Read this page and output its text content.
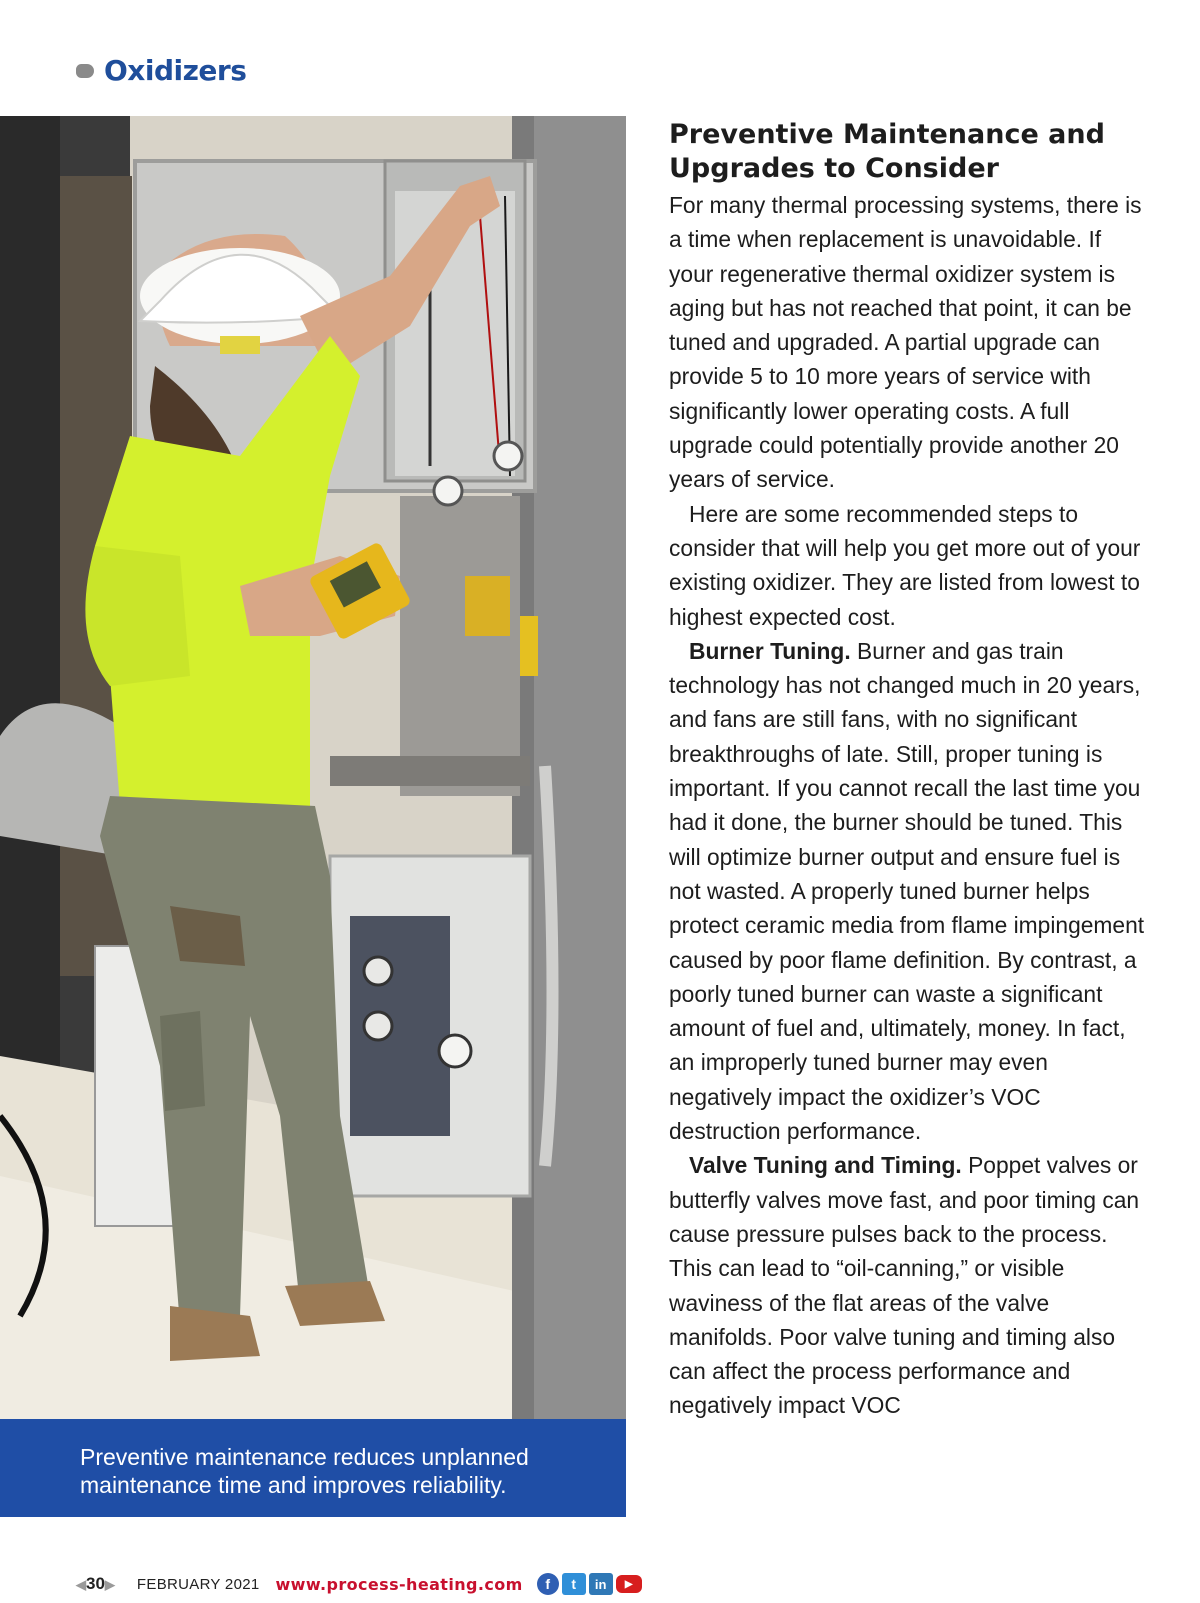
Oxidizers
Preventive maintenance reduces unplanned
maintenance time and improves reliability.
Preventive Maintenance and
Upgrades to Consider

For many thermal processing systems, there is a time when replacement is unavoidable. If your regenerative thermal oxidizer system is aging but has not reached that point, it can be tuned and upgraded. A partial upgrade can provide 5 to 10 more years of service with significantly lower operating costs. A full upgrade could potentially provide another 20 years of service.

Here are some recommended steps to consider that will help you get more out of your existing oxidizer. They are listed from lowest to highest expected cost.

Burner Tuning. Burner and gas train technology has not changed much in 20 years, and fans are still fans, with no significant breakthroughs of late. Still, proper tuning is important. If you cannot recall the last time you had it done, the burner should be tuned. This will optimize burner output and ensure fuel is not wasted. A properly tuned burner helps protect ceramic media from flame impingement caused by poor flame definition. By contrast, a poorly tuned burner can waste a significant amount of fuel and, ultimately, money. In fact, an improperly tuned burner may even negatively impact the oxidizer’s VOC destruction performance.

Valve Tuning and Timing. Poppet valves or butterfly valves move fast, and poor timing can cause pressure pulses back to the process. This can lead to “oil-canning,” or visible waviness of the flat areas of the valve manifolds. Poor valve tuning and timing also can affect the process performance and negatively impact VOC

◀30▶ FEBRUARY 2021 www.process-heating.com	f	t	in	▶
